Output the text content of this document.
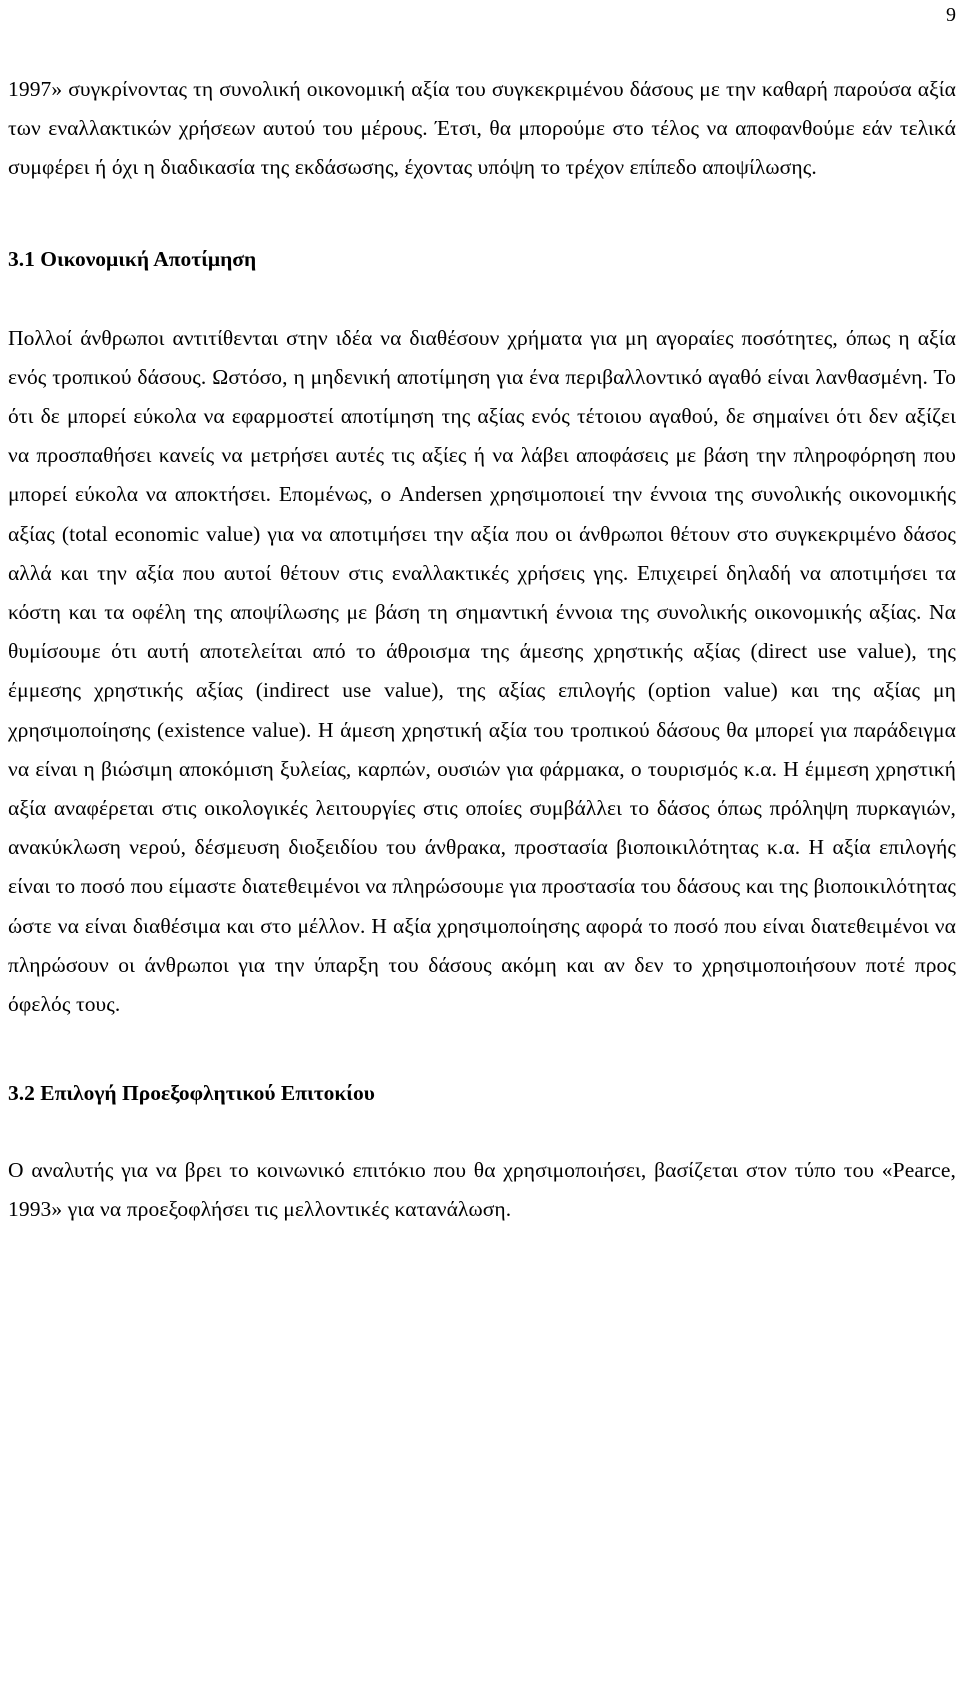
9

1997» συγκρίνοντας τη συνολική οικονομική αξία του συγκεκριμένου δάσους με την καθαρή παρούσα αξία των εναλλακτικών χρήσεων αυτού του μέρους. Έτσι, θα μπορούμε στο τέλος να αποφανθούμε εάν τελικά συμφέρει ή όχι η διαδικασία της εκδάσωσης, έχοντας υπόψη το τρέχον επίπεδο αποψίλωσης.

3.1 Οικονομική Αποτίμηση

Πολλοί άνθρωποι αντιτίθενται στην ιδέα να διαθέσουν χρήματα για μη αγοραίες ποσότητες, όπως η αξία ενός τροπικού δάσους. Ωστόσο, η μηδενική αποτίμηση για ένα περιβαλλοντικό αγαθό είναι λανθασμένη. Το ότι δε μπορεί εύκολα να εφαρμοστεί αποτίμηση της αξίας ενός τέτοιου αγαθού, δε σημαίνει ότι δεν αξίζει να προσπαθήσει κανείς να μετρήσει αυτές τις αξίες ή να λάβει αποφάσεις με βάση την πληροφόρηση που μπορεί εύκολα να αποκτήσει. Επομένως, ο Andersen χρησιμοποιεί την έννοια της συνολικής οικονομικής αξίας (total economic value) για να αποτιμήσει την αξία που οι άνθρωποι θέτουν στο συγκεκριμένο δάσος αλλά και την αξία που αυτοί θέτουν στις εναλλακτικές χρήσεις γης. Επιχειρεί δηλαδή να αποτιμήσει τα κόστη και τα οφέλη της αποψίλωσης με βάση τη σημαντική έννοια της συνολικής οικονομικής αξίας. Να θυμίσουμε ότι αυτή αποτελείται από το άθροισμα της άμεσης χρηστικής αξίας (direct use value), της έμμεσης χρηστικής αξίας (indirect use value), της αξίας επιλογής (option value) και της αξίας μη χρησιμοποίησης (existence value). Η άμεση χρηστική αξία του τροπικού δάσους θα μπορεί για παράδειγμα να είναι η βιώσιμη αποκόμιση ξυλείας, καρπών, ουσιών για φάρμακα, ο τουρισμός κ.α. Η έμμεση χρηστική αξία αναφέρεται στις οικολογικές λειτουργίες στις οποίες συμβάλλει το δάσος όπως πρόληψη πυρκαγιών, ανακύκλωση νερού, δέσμευση διοξειδίου του άνθρακα, προστασία βιοποικιλότητας κ.α. Η αξία επιλογής είναι το ποσό που είμαστε διατεθειμένοι να πληρώσουμε για προστασία του δάσους και της βιοποικιλότητας ώστε να είναι διαθέσιμα και στο μέλλον. Η αξία χρησιμοποίησης αφορά το ποσό που είναι διατεθειμένοι να πληρώσουν οι άνθρωποι για την ύπαρξη του δάσους ακόμη και αν δεν το χρησιμοποιήσουν ποτέ προς όφελός τους.

3.2 Επιλογή Προεξοφλητικού Επιτοκίου

Ο αναλυτής για να βρει το κοινωνικό επιτόκιο που θα χρησιμοποιήσει, βασίζεται στον τύπο του «Pearce, 1993» για να προεξοφλήσει τις μελλοντικές κατανάλωση.
